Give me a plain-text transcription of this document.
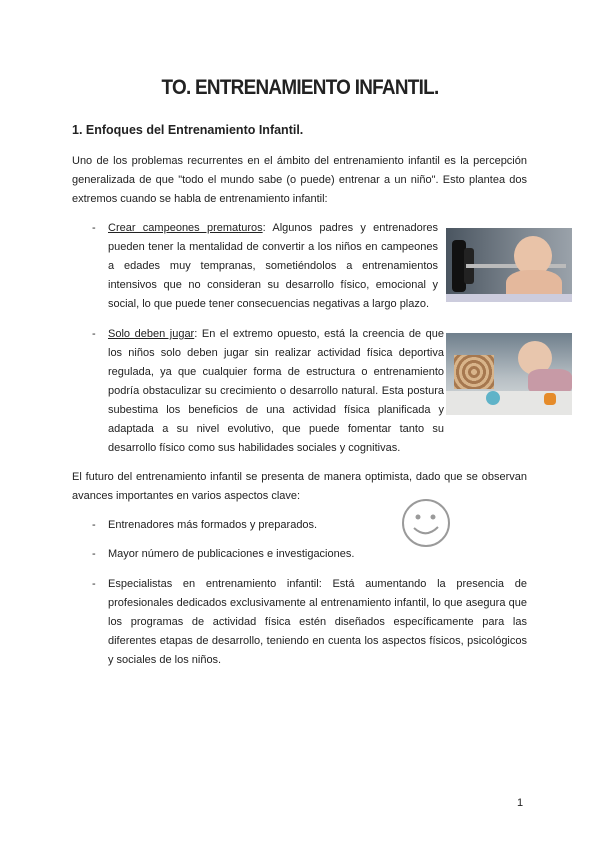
TO. ENTRENAMIENTO INFANTIL.
1. Enfoques del Entrenamiento Infantil.
Uno de los problemas recurrentes en el ámbito del entrenamiento infantil es la percepción generalizada de que "todo el mundo sabe (o puede) entrenar a un niño". Esto plantea dos extremos cuando se habla de entrenamiento infantil:
- Crear campeones prematuros: Algunos padres y entrenadores pueden tener la mentalidad de convertir a los niños en campeones a edades muy tempranas, sometiéndolos a entrenamientos intensivos que no consideran su desarrollo físico, emocional y social, lo que puede tener consecuencias negativas a largo plazo.
- Solo deben jugar: En el extremo opuesto, está la creencia de que los niños solo deben jugar sin realizar actividad física deportiva regulada, ya que cualquier forma de estructura o entrenamiento podría obstaculizar su crecimiento o desarrollo natural. Esta postura subestima los beneficios de una actividad física planificada y adaptada a su nivel evolutivo, que puede fomentar tanto su desarrollo físico como sus habilidades sociales y cognitivas.
El futuro del entrenamiento infantil se presenta de manera optimista, dado que se observan avances importantes en varios aspectos clave:
- Entrenadores más formados y preparados.
- Mayor número de publicaciones e investigaciones.
- Especialistas en entrenamiento infantil: Está aumentando la presencia de profesionales dedicados exclusivamente al entrenamiento infantil, lo que asegura que los programas de actividad física estén diseñados específicamente para las diferentes etapas de desarrollo, teniendo en cuenta los aspectos físicos, psicológicos y sociales de los niños.
1
